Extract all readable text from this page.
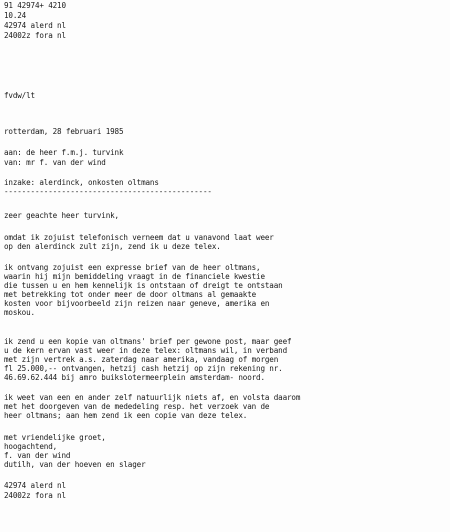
91 42974+ 4210
10.24
42974 alerd nl
24002z fora nl
fvdw/lt
rotterdam, 28 februari 1985
aan: de heer f.m.j. turvink
van: mr f. van der wind
inzake: alerdinck, onkosten oltmans
-----------------------------------------------
zeer geachte heer turvink,
omdat ik zojuist telefonisch verneem dat u vanavond laat weer
op den alerdinck zult zijn, zend ik u deze telex.
ik ontvang zojuist een expresse brief van de heer oltmans,
waarin hij mijn bemiddeling vraagt in de financiele kwestie
die tussen u en hem kennelijk is ontstaan of dreigt te ontstaan
met betrekking tot onder meer de door oltmans al gemaakte
kosten voor bijvoorbeeld zijn reizen naar geneve, amerika en
moskou.
ik zend u een kopie van oltmans' brief per gewone post, maar geef
u de kern ervan vast weer in deze telex: oltmans wil, in verband
met zijn vertrek a.s. zaterdag naar amerika, vandaag of morgen
fl 25.000,-- ontvangen, hetzij cash hetzij op zijn rekening nr.
46.69.62.444 bij amro buikslotermeerplein amsterdam- noord.
ik weet van een en ander zelf natuurlijk niets af, en volsta daarom
met het doorgeven van de mededeling resp. het verzoek van de
heer oltmans; aan hem zend ik een copie van deze telex.
met vriendelijke groet,
hoogachtend,
f. van der wind
dutilh, van der hoeven en slager
42974 alerd nl
24002z fora nl
